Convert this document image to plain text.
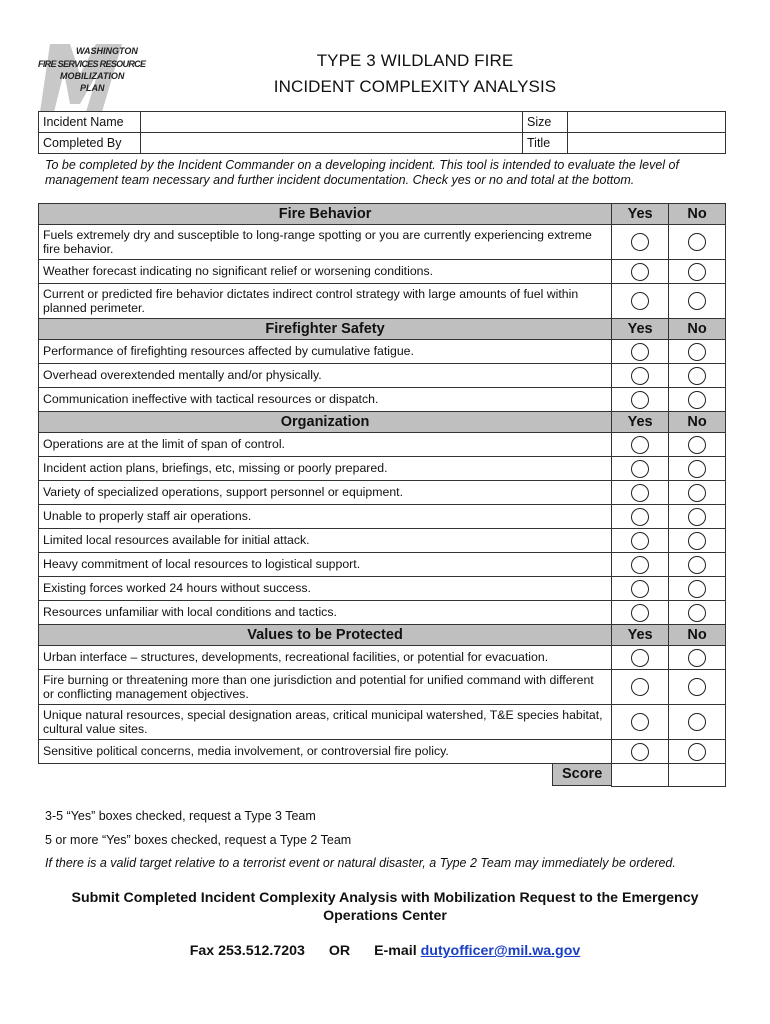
WASHINGTON
FIRE SERVICES RESOURCE
MOBILIZATION
PLAN
TYPE 3 WILDLAND FIRE
INCIDENT COMPLEXITY ANALYSIS
Incident Name		Size	
Completed By		Title	
To be completed by the Incident Commander on a developing incident. This tool is intended to evaluate the level of management team necessary and further incident documentation. Check yes or no and total at the bottom.
Fire Behavior	Yes	No
Fuels extremely dry and susceptible to long-range spotting or you are currently experiencing extreme fire behavior.		
Weather forecast indicating no significant relief or worsening conditions.		
Current or predicted fire behavior dictates indirect control strategy with large amounts of fuel within planned perimeter.		
Firefighter Safety	Yes	No
Performance of firefighting resources affected by cumulative fatigue.		
Overhead overextended mentally and/or physically.		
Communication ineffective with tactical resources or dispatch.		
Organization	Yes	No
Operations are at the limit of span of control.		
Incident action plans, briefings, etc, missing or poorly prepared.		
Variety of specialized operations, support personnel or equipment.		
Unable to properly staff air operations.		
Limited local resources available for initial attack.		
Heavy commitment of local resources to logistical support.		
Existing forces worked 24 hours without success.		
Resources unfamiliar with local conditions and tactics.		
Values to be Protected	Yes	No
Urban interface – structures, developments, recreational facilities, or potential for evacuation.		
Fire burning or threatening more than one jurisdiction and potential for unified command with different or conflicting management objectives.		
Unique natural resources, special designation areas, critical municipal watershed, T&E species habitat, cultural value sites.		
Sensitive political concerns, media involvement, or controversial fire policy.		

Score		

3-5 “Yes” boxes checked, request a Type 3 Team
5 or more “Yes” boxes checked, request a Type 2 Team
If there is a valid target relative to a terrorist event or natural disaster, a Type 2 Team may immediately be ordered.
Submit Completed Incident Complexity Analysis with Mobilization Request to the Emergency Operations Center
Fax 253.512.7203 OR E-mail dutyofficer@mil.wa.gov
